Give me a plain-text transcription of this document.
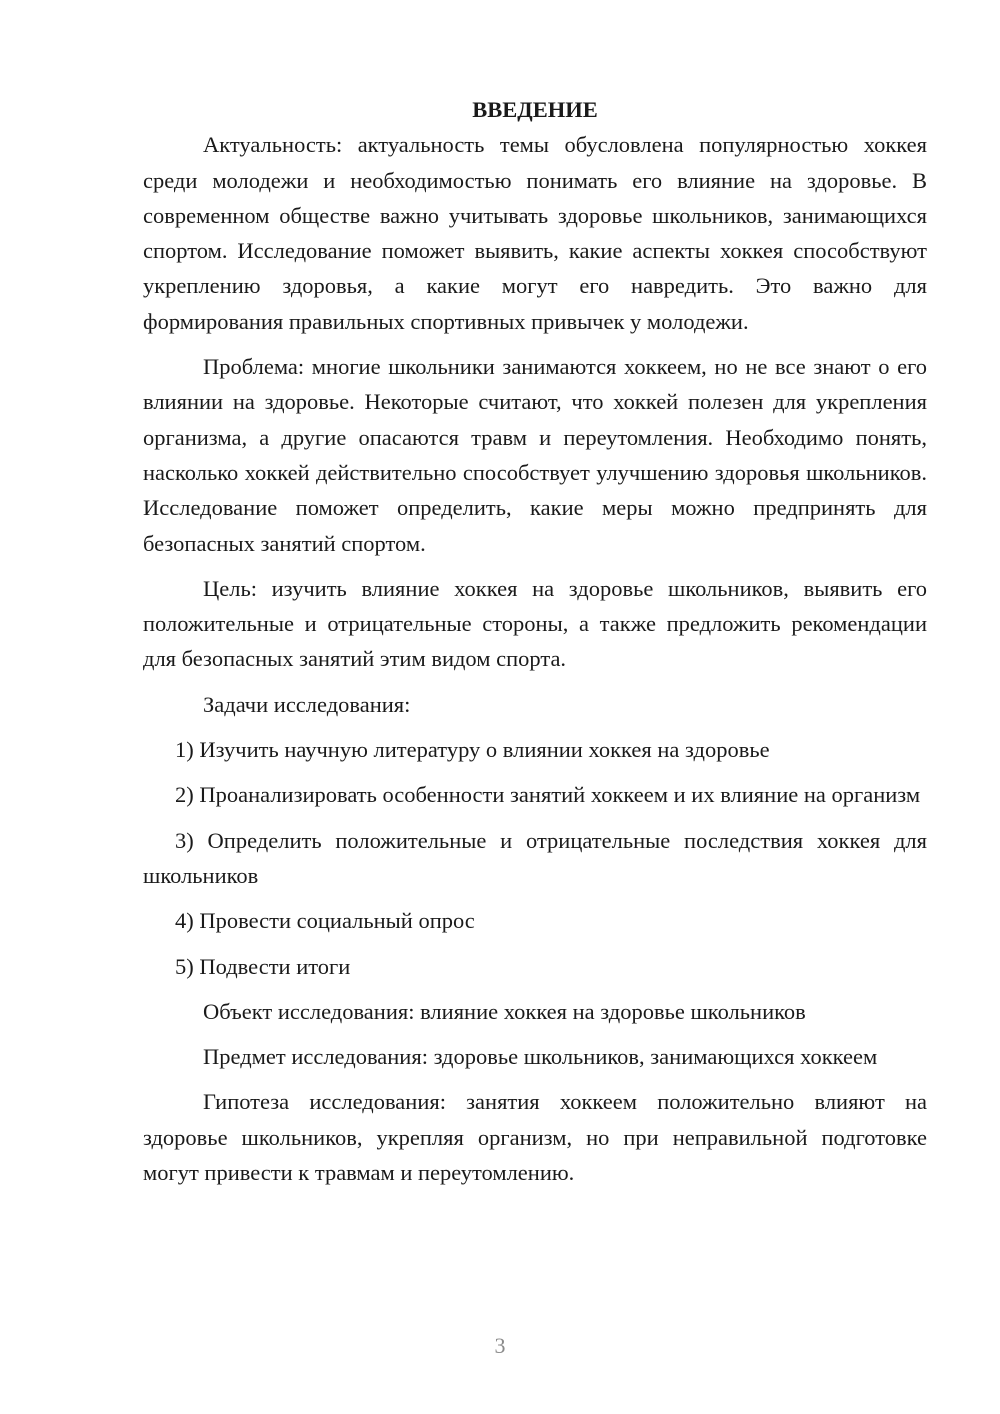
ВВЕДЕНИЕ

Актуальность: актуальность темы обусловлена популярностью хоккея среди молодежи и необходимостью понимать его влияние на здоровье. В современном обществе важно учитывать здоровье школьников, занимающихся спортом. Исследование поможет выявить, какие аспекты хоккея способствуют укреплению здоровья, а какие могут его навредить. Это важно для формирования правильных спортивных привычек у молодежи.

Проблема: многие школьники занимаются хоккеем, но не все знают о его влиянии на здоровье. Некоторые считают, что хоккей полезен для укрепления организма, а другие опасаются травм и переутомления. Необходимо понять, насколько хоккей действительно способствует улучшению здоровья школьников. Исследование поможет определить, какие меры можно предпринять для безопасных занятий спортом.

Цель: изучить влияние хоккея на здоровье школьников, выявить его положительные и отрицательные стороны, а также предложить рекомендации для безопасных занятий этим видом спорта.

Задачи исследования:

1) Изучить научную литературу о влиянии хоккея на здоровье

2) Проанализировать особенности занятий хоккеем и их влияние на организм

3) Определить положительные и отрицательные последствия хоккея для школьников

4) Провести социальный опрос

5) Подвести итоги

Объект исследования: влияние хоккея на здоровье школьников

Предмет исследования: здоровье школьников, занимающихся хоккеем

Гипотеза исследования: занятия хоккеем положительно влияют на здоровье школьников, укрепляя организм, но при неправильной подготовке могут привести к травмам и переутомлению.

3
